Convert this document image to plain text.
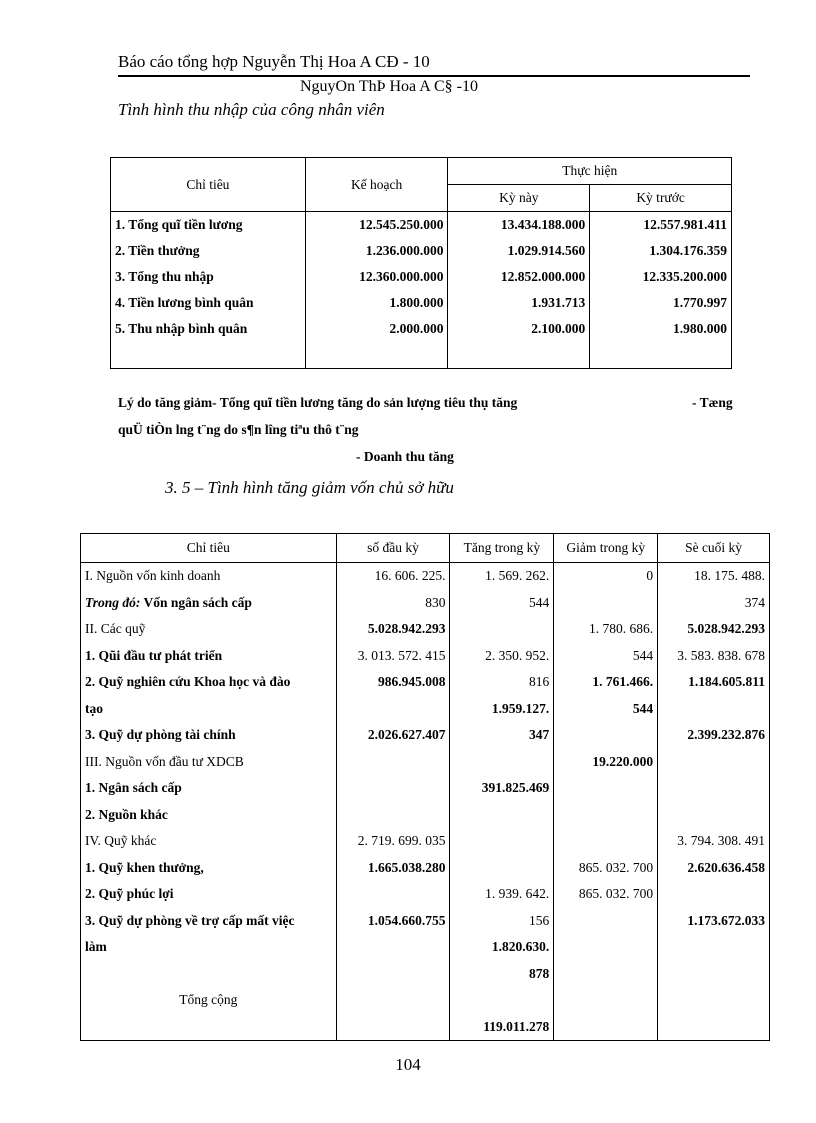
Báo cáo tổng hợp Nguyễn Thị Hoa A CĐ - 10
NguyOn ThÞ Hoa A C§ -10
Tình hình thu nhập của công nhân viên
Chỉ tiêu	Kế hoạch	Thực hiện	
		Kỳ này	Kỳ trước
1. Tổng quĩ tiền lương	12.545.250.000	13.434.188.000	12.557.981.411
2. Tiền thưởng	1.236.000.000	1.029.914.560	1.304.176.359
3. Tổng thu nhập	12.360.000.000	12.852.000.000	12.335.200.000
4. Tiền lương bình quân	1.800.000	1.931.713	1.770.997
5. Thu nhập bình quân	2.000.000	2.100.000	1.980.000

Lý do tăng giảm- Tổng quĩ tiền lương tăng do sản lượng tiêu thụ tăng	- Tæng
quÜ tiÒn lng t¨ng do s¶n lîng tiªu thô t¨ng
- Doanh thu tăng
3. 5 – Tình hình tăng giảm vốn chủ sở hữu
Chỉ tiêu	số đầu kỳ	Tăng trong kỳ	Giảm trong kỳ	Sè cuối kỳ
I. Nguồn vốn kinh doanh	16. 606. 225.	1. 569. 262.	0	18. 175. 488.
Trong đó: Vốn ngân sách cấp	830	544		374
II. Các quỹ	5.028.942.293		1. 780. 686.	5.028.942.293
1. Qũi đầu tư phát triển	3. 013. 572. 415	2. 350. 952.	544	3. 583. 838. 678
2. Quỹ nghiên cứu Khoa học và đào	986.945.008	816	1. 761.466.	1.184.605.811
tạo		1.959.127.	544	
3. Quỹ dự phòng tài chính	2.026.627.407	347		2.399.232.876
III. Nguồn vốn đầu tư XDCB			19.220.000	
1. Ngân sách cấp		391.825.469		
2. Nguồn khác				
IV. Quỹ khác	2. 719. 699. 035			3. 794. 308. 491
1. Quỹ khen thưởng,	1.665.038.280		865. 032. 700	2.620.636.458
2. Quỹ phúc lợi		1. 939. 642.	865. 032. 700	
3. Quỹ dự phòng về trợ cấp mất việc	1.054.660.755	156		1.173.672.033
làm		1.820.630.		
		878		
Tổng cộng				
		119.011.278		
104
